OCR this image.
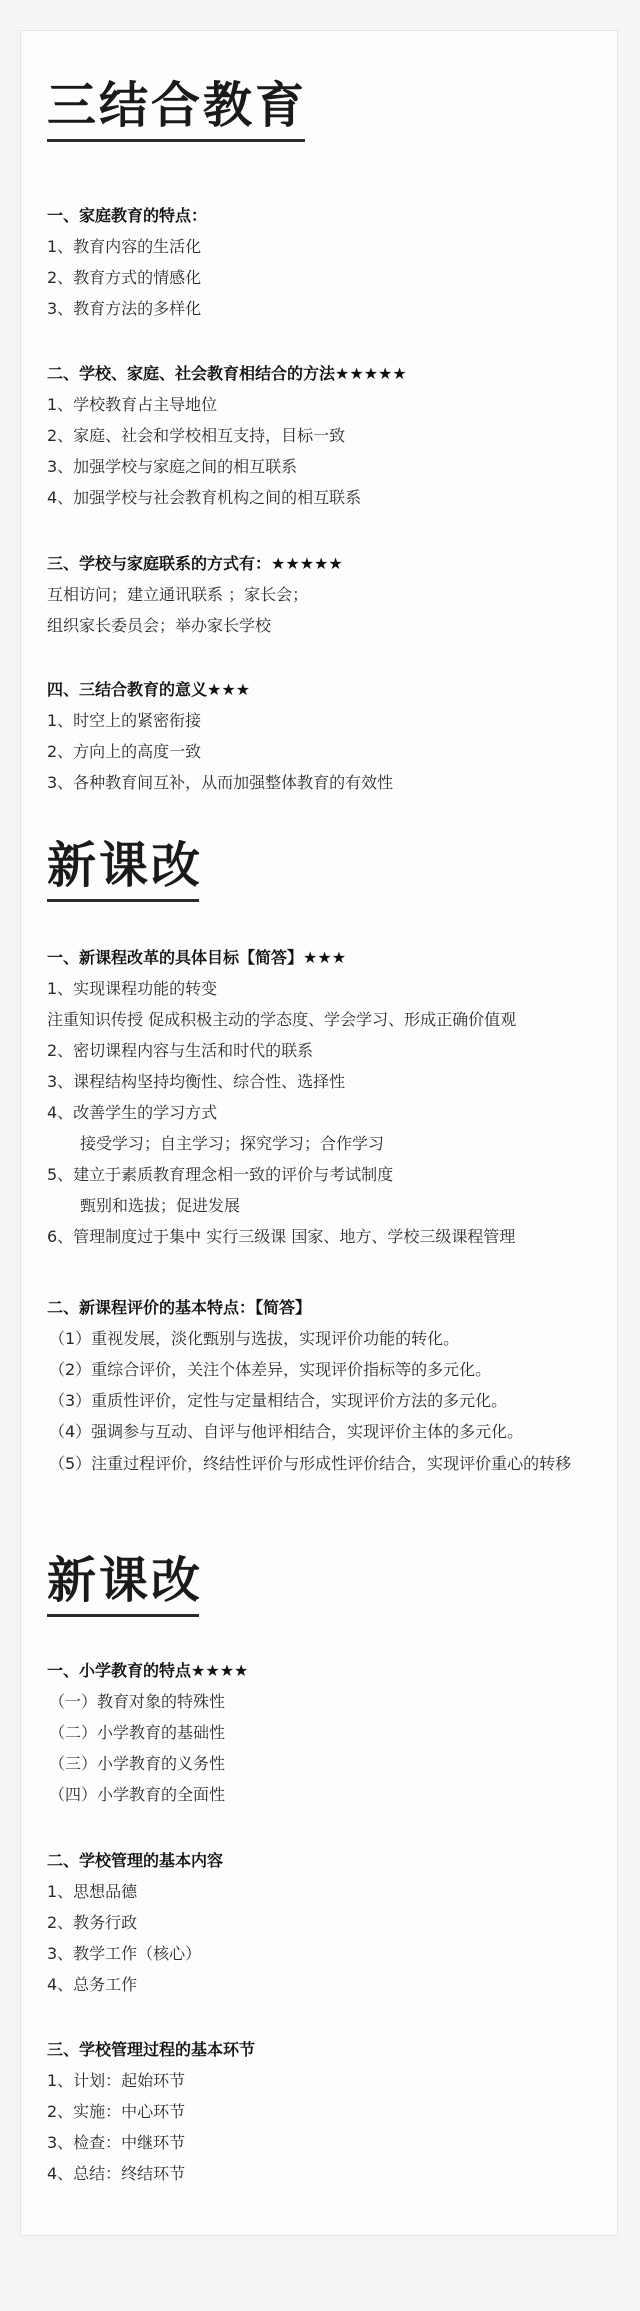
三结合教育
一、家庭教育的特点：
1、教育内容的生活化
2、教育方式的情感化
3、教育方法的多样化
二、学校、家庭、社会教育相结合的方法★★★★★
1、学校教育占主导地位
2、家庭、社会和学校相互支持，目标一致
3、加强学校与家庭之间的相互联系
4、加强学校与社会教育机构之间的相互联系
三、学校与家庭联系的方式有：★★★★★
互相访问；建立通讯联系 ；家长会；
组织家长委员会；举办家长学校
四、三结合教育的意义★★★
1、时空上的紧密衔接
2、方向上的高度一致
3、各种教育间互补，从而加强整体教育的有效性
新课改
一、新课程改革的具体目标【简答】★★★
1、实现课程功能的转变
注重知识传授 促成积极主动的学态度、学会学习、形成正确价值观
2、密切课程内容与生活和时代的联系
3、课程结构坚持均衡性、综合性、选择性
4、改善学生的学习方式
接受学习；自主学习；探究学习；合作学习
5、建立于素质教育理念相一致的评价与考试制度
甄别和选拔；促进发展
6、管理制度过于集中 实行三级课 国家、地方、学校三级课程管理
二、新课程评价的基本特点：【简答】
（1）重视发展，淡化甄别与选拔，实现评价功能的转化。
（2）重综合评价，关注个体差异，实现评价指标等的多元化。
（3）重质性评价，定性与定量相结合，实现评价方法的多元化。
（4）强调参与互动、自评与他评相结合，实现评价主体的多元化。
（5）注重过程评价，终结性评价与形成性评价结合，实现评价重心的转移
新课改
一、小学教育的特点★★★★
（一）教育对象的特殊性
（二）小学教育的基础性
（三）小学教育的义务性
（四）小学教育的全面性
二、学校管理的基本内容
1、思想品德
2、教务行政
3、教学工作（核心）
4、总务工作
三、学校管理过程的基本环节
1、计划：起始环节
2、实施：中心环节
3、检查：中继环节
4、总结：终结环节
